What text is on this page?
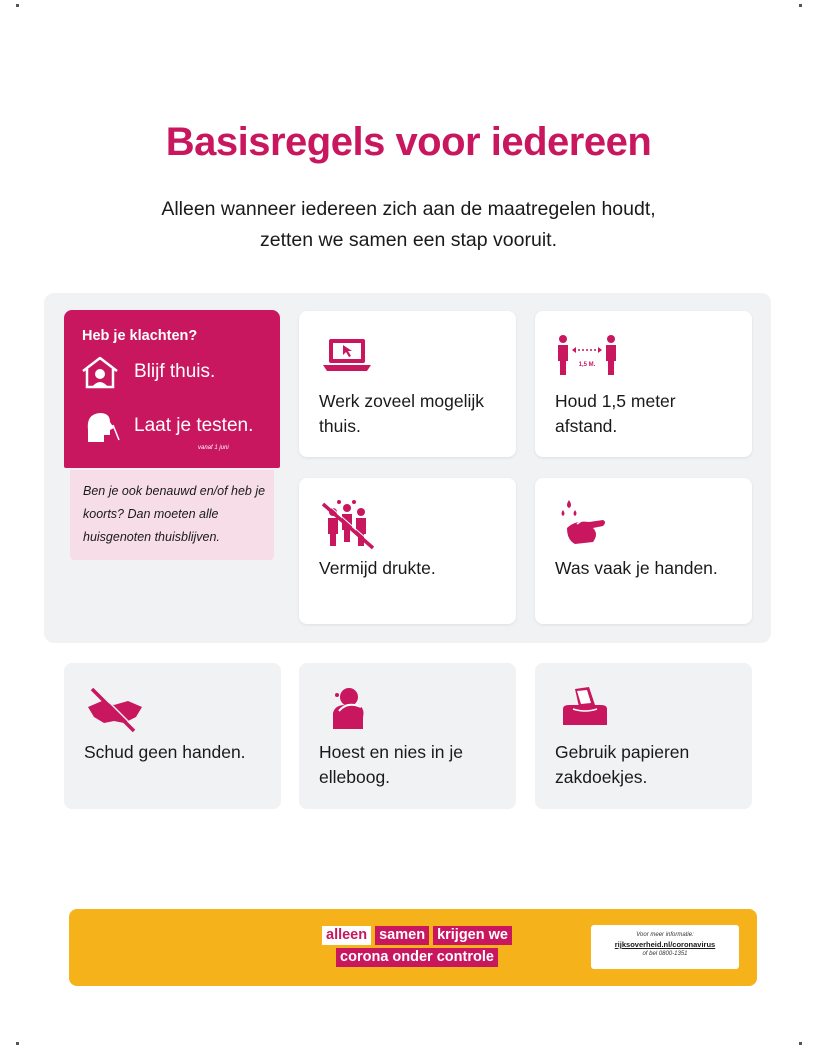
Basisregels voor iedereen
Alleen wanneer iedereen zich aan de maatregelen houdt,
zetten we samen een stap vooruit.
Heb je klachten?
Blijf thuis.
Laat je testen.
vanaf 1 juni
Ben je ook benauwd en/of heb je koorts? Dan moeten alle huisgenoten thuisblijven.
Werk zoveel mogelijk thuis.
1,5 M.
Houd 1,5 meter afstand.
Vermijd drukte.	Was vaak je handen.
Schud geen handen.	Hoest en nies in je elleboog.
Gebruik papieren zakdoekjes.
alleen samen krijgen we
corona onder controle
Voor meer informatie:
rijksoverheid.nl/coronavirus
of bel 0800-1351
